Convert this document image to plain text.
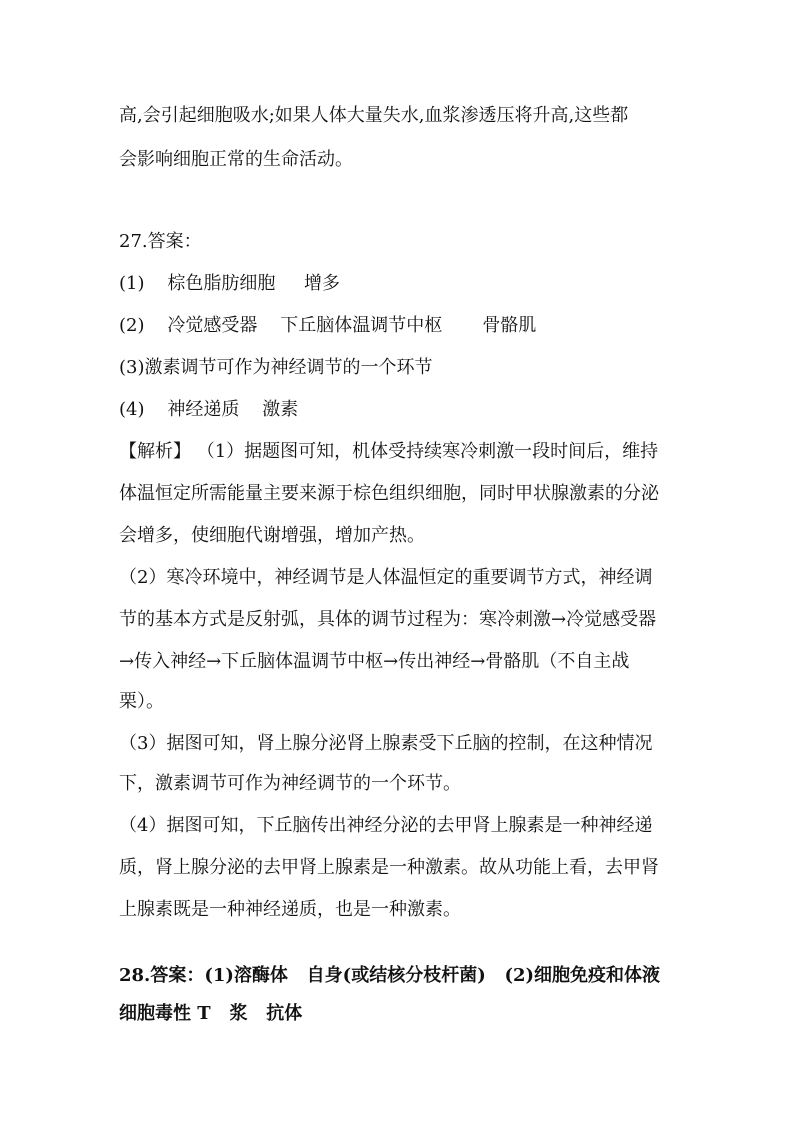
高,会引起细胞吸水;如果人体大量失水,血浆渗透压将升高,这些都
会影响细胞正常的生命活动。
27.答案：
(1)    棕色脂肪细胞     增多
(2)    冷觉感受器    下丘脑体温调节中枢       骨骼肌
(3)激素调节可作为神经调节的一个环节
(4)    神经递质    激素
【解析】 （1）据题图可知，机体受持续寒冷刺激一段时间后，维持
体温恒定所需能量主要来源于棕色组织细胞，同时甲状腺激素的分泌
会增多，使细胞代谢增强，增加产热。
（2）寒冷环境中，神经调节是人体温恒定的重要调节方式，神经调
节的基本方式是反射弧，具体的调节过程为：寒冷刺激→冷觉感受器
→传入神经→下丘脑体温调节中枢→传出神经→骨骼肌（不自主战
栗）。
（3）据图可知，肾上腺分泌肾上腺素受下丘脑的控制，在这种情况
下，激素调节可作为神经调节的一个环节。
（4）据图可知，下丘脑传出神经分泌的去甲肾上腺素是一种神经递
质，肾上腺分泌的去甲肾上腺素是一种激素。故从功能上看，去甲肾
上腺素既是一种神经递质，也是一种激素。
28.答案：(1)溶酶体   自身(或结核分枝杆菌)   (2)细胞免疫和体液
细胞毒性 T   浆   抗体
